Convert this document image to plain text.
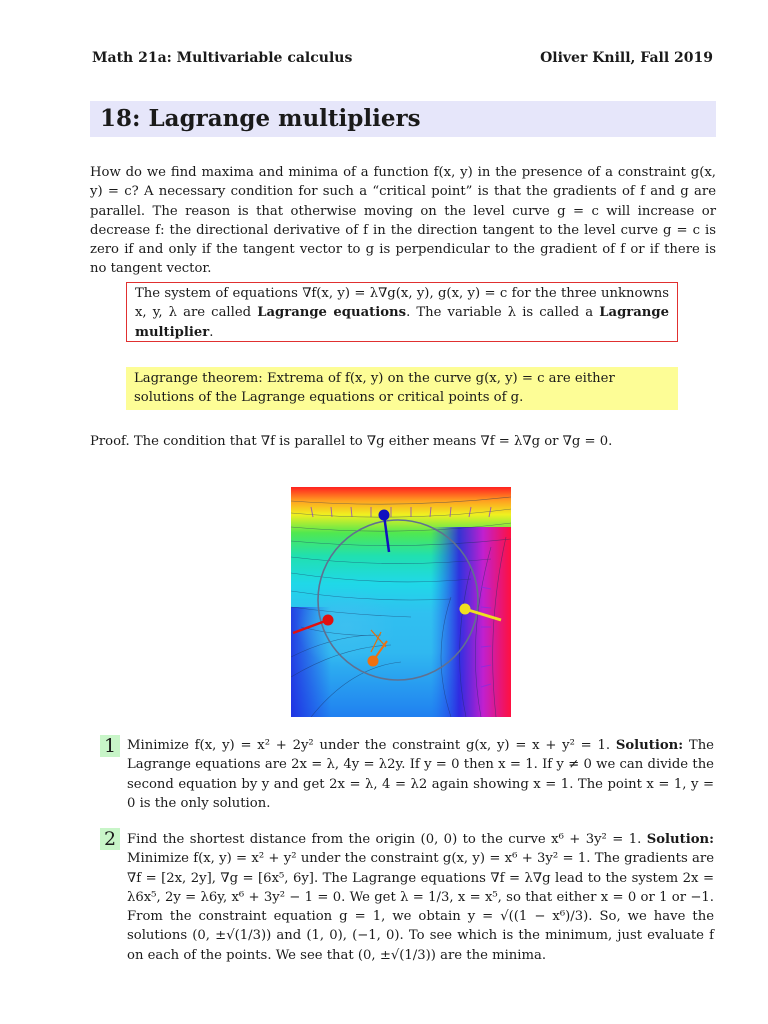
Math 21a: Multivariable calculus	Oliver Knill, Fall 2019
18: Lagrange multipliers
How do we find maxima and minima of a function f(x, y) in the presence of a constraint g(x, y) = c? A necessary condition for such a “critical point” is that the gradients of f and g are parallel. The reason is that otherwise moving on the level curve g = c will increase or decrease f: the directional derivative of f in the direction tangent to the level curve g = c is zero if and only if the tangent vector to g is perpendicular to the gradient of f or if there is no tangent vector.
The system of equations ∇f(x, y) = λ∇g(x, y), g(x, y) = c for the three unknowns x, y, λ are called Lagrange equations. The variable λ is called a Lagrange multiplier.
Lagrange theorem: Extrema of f(x, y) on the curve g(x, y) = c are either solutions of the Lagrange equations or critical points of g.
Proof. The condition that ∇f is parallel to ∇g either means ∇f = λ∇g or ∇g = 0.
1 Minimize f(x, y) = x² + 2y² under the constraint g(x, y) = x + y² = 1. Solution: The Lagrange equations are 2x = λ, 4y = λ2y. If y = 0 then x = 1. If y ≠ 0 we can divide the second equation by y and get 2x = λ, 4 = λ2 again showing x = 1. The point x = 1, y = 0 is the only solution.
2 Find the shortest distance from the origin (0, 0) to the curve x⁶ + 3y² = 1. Solution: Minimize f(x, y) = x² + y² under the constraint g(x, y) = x⁶ + 3y² = 1. The gradients are ∇f = [2x, 2y], ∇g = [6x⁵, 6y]. The Lagrange equations ∇f = λ∇g lead to the system 2x = λ6x⁵, 2y = λ6y, x⁶ + 3y² − 1 = 0. We get λ = 1/3, x = x⁵, so that either x = 0 or 1 or −1. From the constraint equation g = 1, we obtain y = √((1 − x⁶)/3). So, we have the solutions (0, ±√(1/3)) and (1, 0), (−1, 0). To see which is the minimum, just evaluate f on each of the points. We see that (0, ±√(1/3)) are the minima.
